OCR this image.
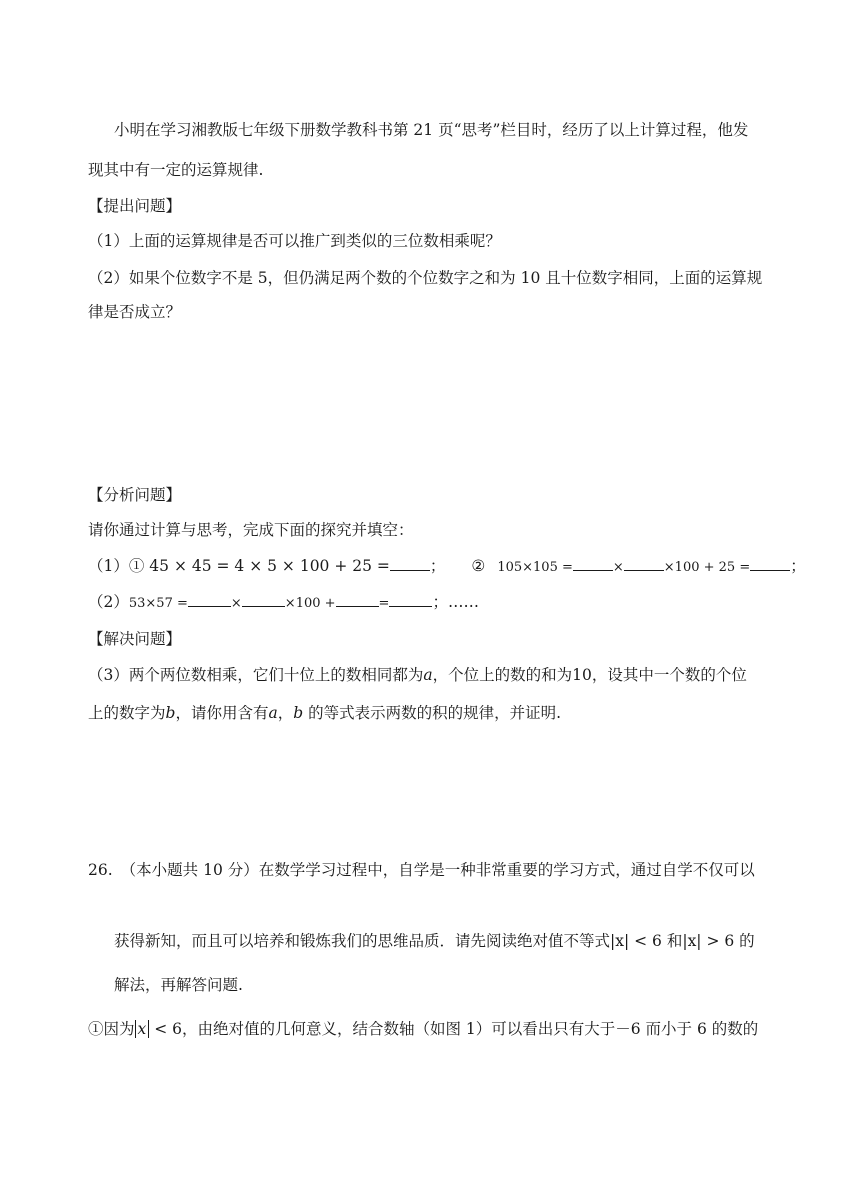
小明在学习湘教版七年级下册数学教科书第 21 页“思考”栏目时，经历了以上计算过程，他发
现其中有一定的运算规律.
【提出问题】
（1）上面的运算规律是否可以推广到类似的三位数相乘呢？
（2）如果个位数字不是 5，但仍满足两个数的个位数字之和为 10 且十位数字相同，上面的运算规
律是否成立？
【分析问题】
请你通过计算与思考，完成下面的探究并填空：
（1）① 45 × 45 = 4 × 5 × 100 + 25 =	； ② 105×105 =	×	×100 + 25 =	；
（2）53×57 =	×	×100 +	=	；……
【解决问题】
（3）两个两位数相乘，它们十位上的数相同都为a，个位上的数的和为10，设其中一个数的个位
上的数字为b，请你用含有a，b 的等式表示两数的积的规律，并证明.
26. （本小题共 10 分）在数学学习过程中，自学是一种非常重要的学习方式，通过自学不仅可以
获得新知，而且可以培养和锻炼我们的思维品质．请先阅读绝对值不等式|x| < 6 和|x| > 6 的
解法，再解答问题.
①因为 x < 6，由绝对值的几何意义，结合数轴（如图 1）可以看出只有大于－6 而小于 6 的数的
